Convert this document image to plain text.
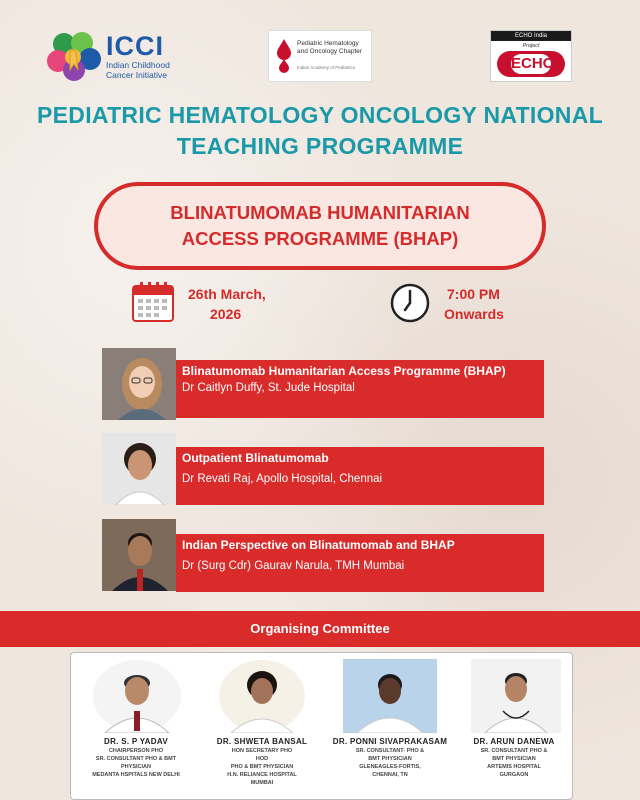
ICCI
Indian Childhood
Cancer Initiative
Pediatric Hematology
and Oncology Chapter
Indian Academy of Pediatrics
ECHO India
Project
ECHO
PEDIATRIC HEMATOLOGY ONCOLOGY NATIONAL
TEACHING PROGRAMME
BLINATUMOMAB HUMANITARIAN ACCESS PROGRAMME (BHAP)
26th March,
2026
7:00 PM
Onwards
Blinatumomab Humanitarian Access Programme (BHAP)
Dr Caitlyn Duffy, St. Jude Hospital
Outpatient Blinatumomab
Dr Revati Raj, Apollo Hospital, Chennai
Indian Perspective on Blinatumomab and BHAP
Dr (Surg Cdr) Gaurav Narula, TMH Mumbai
Organising Committee
DR. S. P YADAV
CHAIRPERSON PHO
SR. CONSULTANT PHO & BMT
PHYSICIAN
MEDANTA HSPITALS NEW DELHI
DR. SHWETA BANSAL
HON SECRETARY PHO
HOD
PHO & BMT PHYSICIAN
H.N. RELIANCE HOSPITAL
MUMBAI
DR. PONNI SIVAPRAKASAM
SR. CONSULTANT- PHO &
BMT PHYSICIAN
GLENEAGLES-FORTIS,
CHENNAI, TN
DR. ARUN DANEWA
SR. CONSULTANT PHO &
BMT PHYSICIAN
ARTEMIS HOSPITAL
GURGAON
